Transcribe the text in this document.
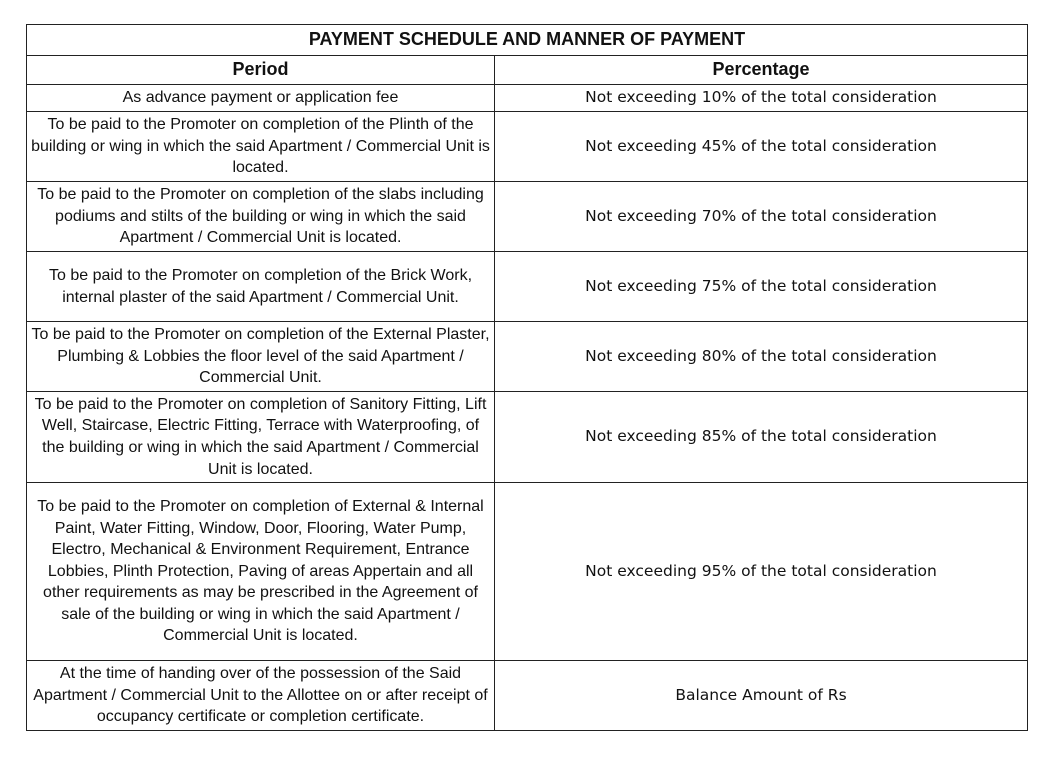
PAYMENT SCHEDULE AND MANNER OF PAYMENT	
Period	Percentage
As advance payment or application fee	Not exceeding 10% of the total consideration
To be paid to the Promoter on completion of the Plinth of the building or wing in which the said Apartment / Commercial Unit is located.	Not exceeding 45% of the total consideration
To be paid to the Promoter on completion of the slabs including podiums and stilts of the building or wing in which the said Apartment / Commercial Unit is located.	Not exceeding 70% of the total consideration
To be paid to the Promoter on completion of the Brick Work, internal plaster of the said Apartment / Commercial Unit.	Not exceeding 75% of the total consideration
To be paid to the Promoter on completion of the External Plaster, Plumbing & Lobbies the floor level of the said Apartment / Commercial Unit.	Not exceeding 80% of the total consideration
To be paid to the Promoter on completion of Sanitory Fitting, Lift Well, Staircase, Electric Fitting, Terrace with Waterproofing, of the building or wing in which the said Apartment / Commercial Unit is located.	Not exceeding 85% of the total consideration
To be paid to the Promoter on completion of External & Internal Paint, Water Fitting, Window, Door, Flooring, Water Pump, Electro, Mechanical & Environment Requirement, Entrance Lobbies, Plinth Protection, Paving of areas Appertain and all other requirements as may be prescribed in the Agreement of sale of the building or wing in which the said Apartment / Commercial Unit is located.	Not exceeding 95% of the total consideration
At the time of handing over of the possession of the Said Apartment / Commercial Unit to the Allottee on or after receipt of occupancy certificate or completion certificate.	Balance Amount of Rs
